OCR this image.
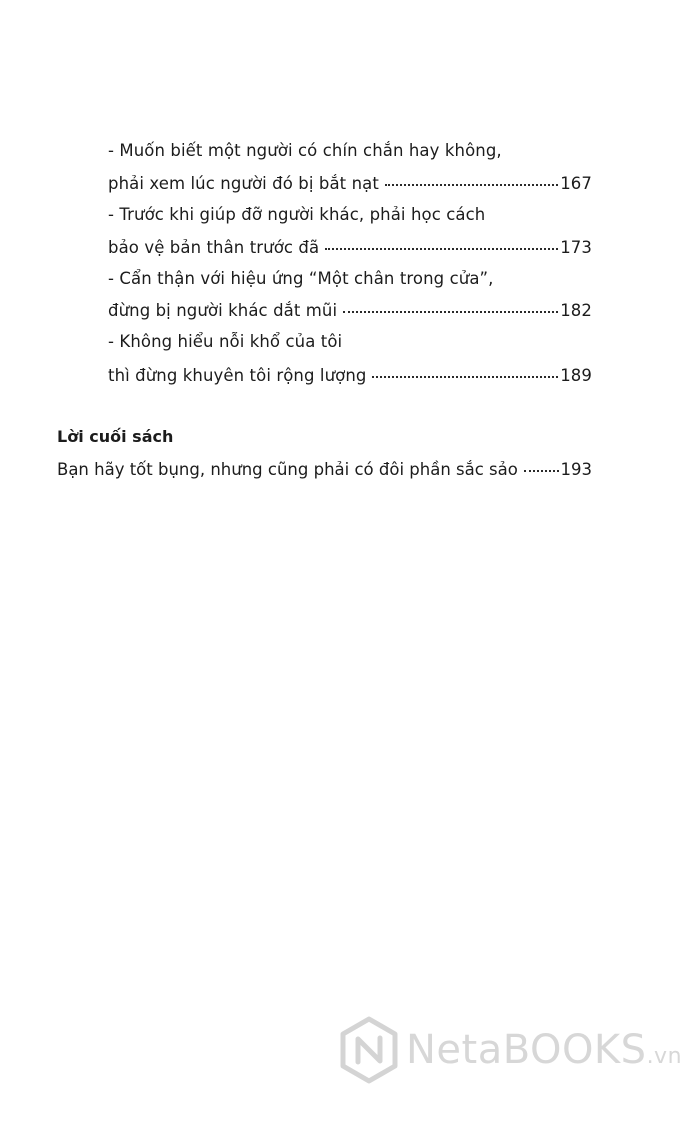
- Muốn biết một người có chín chắn hay không,
phải xem lúc người đó bị bắt nạt	167
- Trước khi giúp đỡ người khác, phải học cách
bảo vệ bản thân trước đã	173
- Cẩn thận với hiệu ứng “Một chân trong cửa”,
đừng bị người khác dắt mũi	182
- Không hiểu nỗi khổ của tôi
thì đừng khuyên tôi rộng lượng	189
Lời cuối sách
Bạn hãy tốt bụng, nhưng cũng phải có đôi phần sắc sảo	193
NetaBOOKS.vn
